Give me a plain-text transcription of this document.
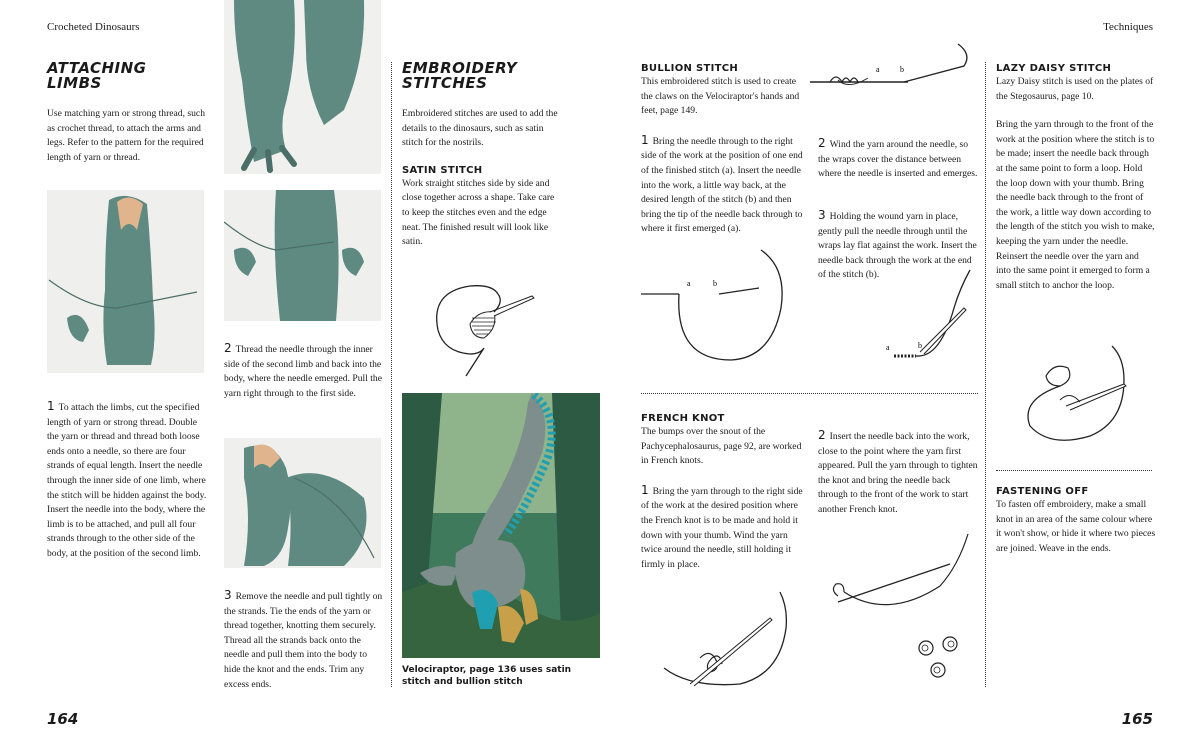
Crocheted Dinosaurs	Techniques
ATTACHING
LIMBS
Use matching yarn or strong thread, such as crochet thread, to attach the arms and legs. Refer to the pattern for the required length of yarn or thread.
1 To attach the limbs, cut the specified length of yarn or strong thread. Double the yarn or thread and thread both loose ends onto a needle, so there are four strands of equal length. Insert the needle through the inner side of one limb, where the stitch will be hidden against the body. Insert the needle into the body, where the limb is to be attached, and pull all four strands through to the other side of the body, at the position of the second limb.
2 Thread the needle through the inner side of the second limb and back into the body, where the needle emerged. Pull the yarn right through to the first side.
3 Remove the needle and pull tightly on the strands. Tie the ends of the yarn or thread together, knotting them securely. Thread all the strands back onto the needle and pull them into the body to hide the knot and the ends. Trim any excess ends.
EMBROIDERY
STITCHES
Embroidered stitches are used to add the details to the dinosaurs, such as satin stitch for the nostrils.
SATIN STITCH
Work straight stitches side by side and close together across a shape. Take care to keep the stitches even and the edge neat. The finished result will look like satin.
Velociraptor, page 136 uses satin stitch and bullion stitch
164
BULLION STITCH
This embroidered stitch is used to create the claws on the Velociraptor's hands and feet, page 149.
1 Bring the needle through to the right side of the work at the position of one end of the finished stitch (a). Insert the needle into the work, a little way back, at the desired length of the stitch (b) and then bring the tip of the needle back through to where it first emerged (a).
a	b
2 Wind the yarn around the needle, so the wraps cover the distance between where the needle is inserted and emerges.
3 Holding the wound yarn in place, gently pull the needle through until the wraps lay flat against the work. Insert the needle back through the work at the end of the stitch (b).
a	b
a	b
FRENCH KNOT
The bumps over the snout of the Pachycephalosaurus, page 92, are worked in French knots.
1 Bring the yarn through to the right side of the work at the desired position where the French knot is to be made and hold it down with your thumb. Wind the yarn twice around the needle, still holding it firmly in place.
2 Insert the needle back into the work, close to the point where the yarn first appeared. Pull the yarn through to tighten the knot and bring the needle back through to the front of the work to start another French knot.
LAZY DAISY STITCH
Lazy Daisy stitch is used on the plates of the Stegosaurus, page 10.
Bring the yarn through to the front of the work at the position where the stitch is to be made; insert the needle back through at the same point to form a loop. Hold the loop down with your thumb. Bring the needle back through to the front of the work, a little way down according to the length of the stitch you wish to make, keeping the yarn under the needle. Reinsert the needle over the yarn and into the same point it emerged to form a small stitch to anchor the loop.
FASTENING OFF
To fasten off embroidery, make a small knot in an area of the same colour where it won't show, or hide it where two pieces are joined. Weave in the ends.
165
